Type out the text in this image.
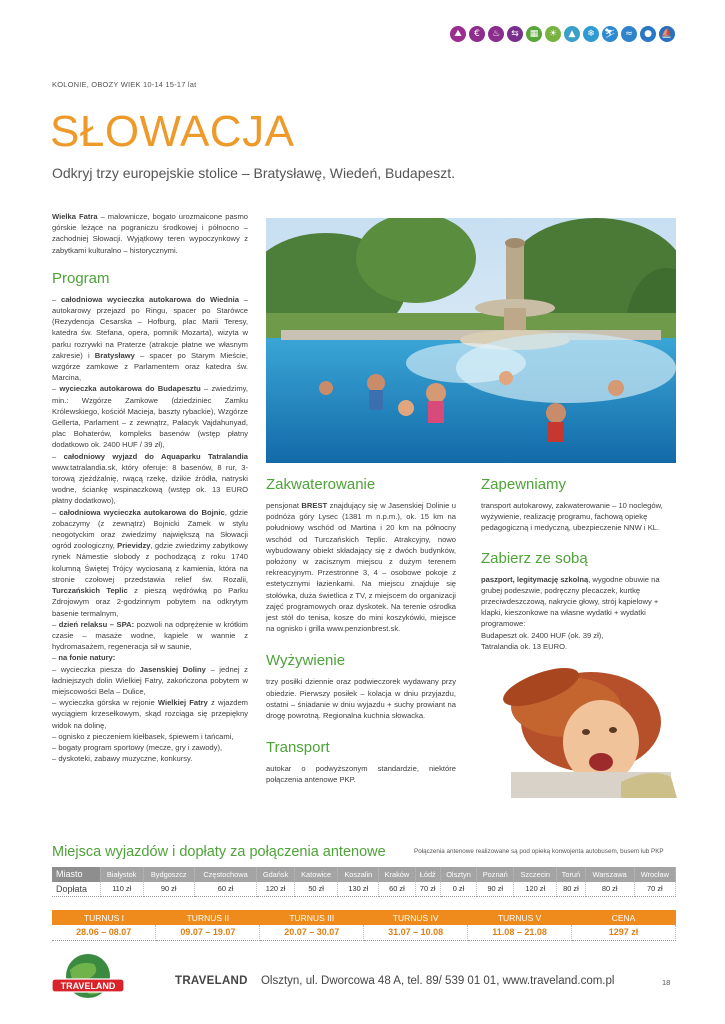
⛰	€	♨	⇆	▦	☀	▲	❄	⛷	≈	●	⛵
KOLONIE, OBOZY WIEK 10-14 15-17 lat
SŁOWACJA
Odkryj trzy europejskie stolice – Bratysławę, Wiedeń, Budapeszt.

Wielka Fatra – malownicze, bogato urozmaicone pasmo górskie leżące na pograniczu środkowej i północno – zachodniej Słowacji. Wyjątkowy teren wypoczynkowy z zabytkami kulturalno – historycznymi.

Program

– całodniowa wycieczka autokarowa do Wiednia – autokarowy przejazd po Ringu, spacer po Starówce (Rezydencja Cesarska – Hofburg, plac Marii Teresy, katedra św. Stefana, opera, pomnik Mozarta), wizyta w parku rozrywki na Praterze (atrakcje płatne we własnym zakresie) i Bratysławy – spacer po Starym Mieście, wzgórze zamkowe z Parlamentem oraz katedra św. Marcina,

– wycieczka autokarowa do Budapesztu – zwiedzimy, min.: Wzgórze Zamkowe (dziedziniec Zamku Królewskiego, kościół Macieja, baszty rybackie), Wzgórze Gellerta, Parlament – z zewnątrz, Pałacyk Vajdahunyad, plac Bohaterów, kompleks basenów (wstęp płatny dodatkowo ok. 2400 HUF / 39 zł),

– całodniowy wyjazd do Aquaparku Tatralandia www.tatralandia.sk, który oferuje: 8 basenów, 8 rur, 3-torową zjeżdżalnię, rwącą rzekę, dzikie źródła, natryski wodne, ściankę wspinaczkową (wstęp ok. 13 EURO płatny dodatkowo),

– całodniowa wycieczka autokarowa do Bojnic, gdzie zobaczymy (z zewnątrz) Bojnicki Zamek w stylu neogotyckim oraz zwiedzimy największą na Słowacji ogród zoologiczny, Prievidzy, gdzie zwiedzimy zabytkowy rynek Námestie slobody z pochodzącą z roku 1740 kolumną Świętej Trójcy wyciosaną z kamienia, która na stronie czołowej przedstawia relief św. Rozalii, Turczańskich Teplic z pieszą wędrówką po Parku Zdrojowym oraz 2-godzinnym pobytem na odkrytym basenie termalnym,

– dzień relaksu – SPA: pozwoli na odprężenie w krótkim czasie – masaże wodne, kąpiele w wannie z hydromasażem, regeneracja sił w saunie,

– na fonie natury:

– wycieczka piesza do Jasenskiej Doliny – jednej z ładniejszych dolin Wielkiej Fatry, zakończona pobytem w miejscowości Bela – Dulice,

– wycieczka górska w rejonie Wielkiej Fatry z wjazdem wyciągiem krzesełkowym, skąd rozciąga się przepiękny widok na dolinę,

– ognisko z pieczeniem kiełbasek, śpiewem i tańcami,

– bogaty program sportowy (mecze, gry i zawody),

– dyskoteki, zabawy muzyczne, konkursy.

Zakwaterowanie

pensjonat BREST znajdujący się w Jasenskiej Dolinie u podnóża góry Lysec (1381 m n.p.m.), ok. 15 km na południowy wschód od Martina i 20 km na północny wschód od Turczańskich Teplic. Atrakcyjny, nowo wybudowany obiekt składający się z dwóch budynków, położony w zacisznym miejscu z dużym terenem rekreacyjnym. Przestronne 3, 4 – osobowe pokoje z estetycznymi łazienkami. Na miejscu znajduje się stołówka, duża świetlica z TV, z miejscem do organizacji zajęć programowych oraz dyskotek. Na terenie ośrodka jest stół do tenisa, kosze do mini koszykówki, miejsce na ognisko i grilla www.penzionbrest.sk.

Wyżywienie

trzy posiłki dziennie oraz podwieczorek wydawany przy obiedzie. Pierwszy posiłek – kolacja w dniu przyjazdu, ostatni – śniadanie w dniu wyjazdu + suchy prowiant na drogę powrotną. Regionalna kuchnia słowacka.

Transport

autokar o podwyższonym standardzie, niektóre połączenia antenowe PKP.

Zapewniamy

transport autokarowy, zakwaterowanie – 10 noclegów, wyżywienie, realizację programu, fachową opiekę pedagogiczną i medyczną, ubezpieczenie NNW i KL.

Zabierz ze sobą

paszport, legitymację szkolną, wygodne obuwie na grubej podeszwie, podręczny plecaczek, kurtkę przeciwdeszczową, nakrycie głowy, strój kąpielowy + klapki, kieszonkowe na własne wydatki + wydatki programowe:

Budapeszt ok. 2400 HUF (ok. 39 zł),

Tatralandia ok. 13 EURO.

Miejsca wyjazdów i dopłaty za połączenia antenowe	Połączenia antenowe realizowane są pod opieką konwojenta autobusem, busem lub PKP
Miasto	Białystok	Bydgoszcz	Częstochowa	Gdańsk	Katowice	Koszalin	Kraków	Łódź	Olsztyn	Poznań	Szczecin	Toruń	Warszawa	Wrocław
Dopłata	110 zł	90 zł	60 zł	120 zł	50 zł	130 zł	60 zł	70 zł	0 zł	90 zł	120 zł	80 zł	80 zł	70 zł
TURNUS I	TURNUS II	TURNUS III	TURNUS IV	TURNUS V	CENA
28.06 – 08.07	09.07 – 19.07	20.07 – 30.07	31.07 – 10.08	11.08 – 21.08	1297 zł
TRAVELAND	TRAVELAND Olsztyn, ul. Dworcowa 48 A, tel. 89/ 539 01 01, www.traveland.com.pl	18
